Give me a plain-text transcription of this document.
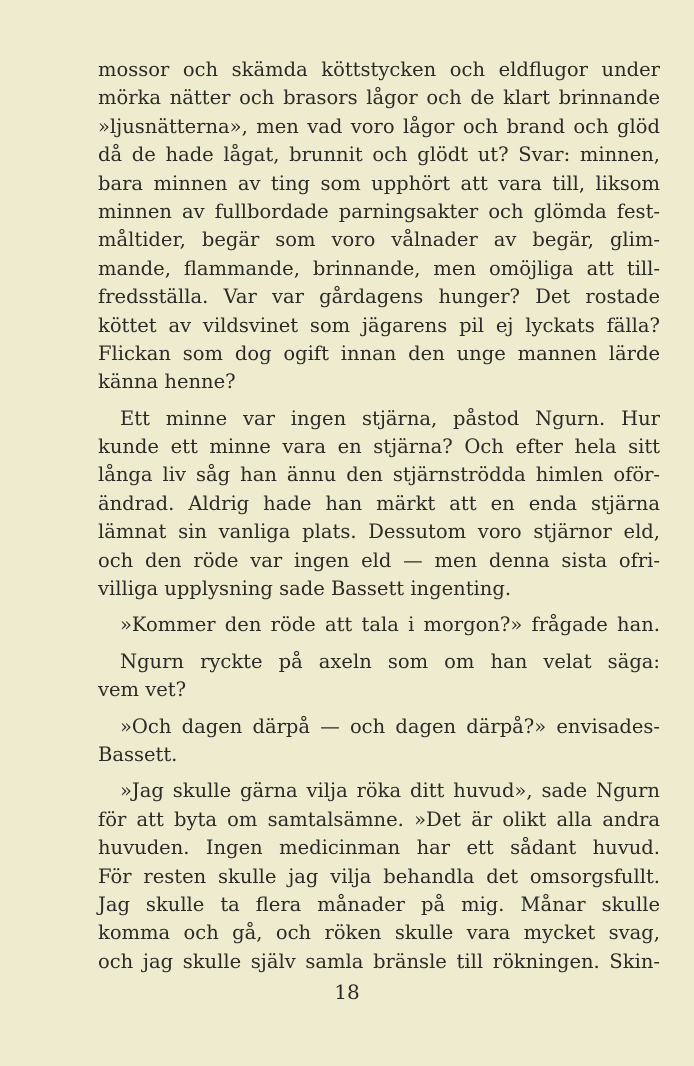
mossor och skämda köttstycken och eldflugor under
mörka nätter och brasors lågor och de klart brinnande
»ljusnätterna», men vad voro lågor och brand och glöd
då de hade lågat, brunnit och glödt ut? Svar: minnen,
bara minnen av ting som upphört att vara till, liksom
minnen av fullbordade parningsakter och glömda fest-
måltider, begär som voro vålnader av begär, glim-
mande, flammande, brinnande, men omöjliga att till-
fredsställa. Var var gårdagens hunger? Det rostade
köttet av vildsvinet som jägarens pil ej lyckats fälla?
Flickan som dog ogift innan den unge mannen lärde
känna henne?
Ett minne var ingen stjärna, påstod Ngurn. Hur
kunde ett minne vara en stjärna? Och efter hela sitt
långa liv såg han ännu den stjärnströdda himlen oför-
ändrad. Aldrig hade han märkt att en enda stjärna
lämnat sin vanliga plats. Dessutom voro stjärnor eld,
och den röde var ingen eld — men denna sista ofri-
villiga upplysning sade Bassett ingenting.
»Kommer den röde att tala i morgon?» frågade han.
Ngurn ryckte på axeln som om han velat säga:
vem vet?
»Och dagen därpå — och dagen därpå?» envisades-
Bassett.
»Jag skulle gärna vilja röka ditt huvud», sade Ngurn
för att byta om samtalsämne. »Det är olikt alla andra
huvuden. Ingen medicinman har ett sådant huvud.
För resten skulle jag vilja behandla det omsorgsfullt.
Jag skulle ta flera månader på mig. Månar skulle
komma och gå, och röken skulle vara mycket svag,
och jag skulle själv samla bränsle till rökningen. Skin-
18
